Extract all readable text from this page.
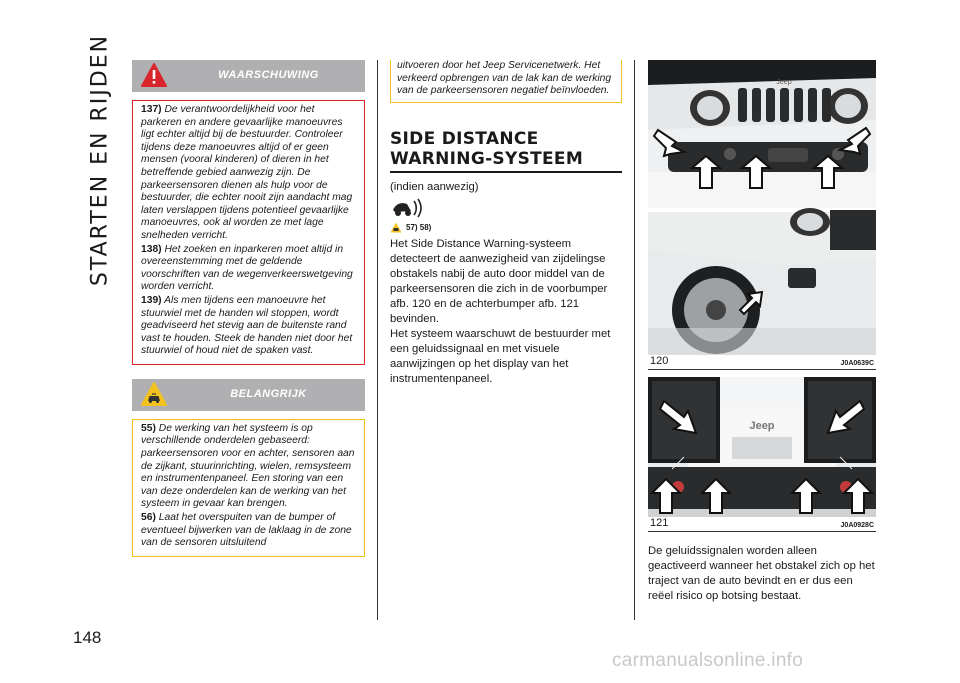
STARTEN EN RIJDEN
148
WAARSCHUWING

137) De verantwoordelijkheid voor het parkeren en andere gevaarlijke manoeuvres ligt echter altijd bij de bestuurder. Controleer tijdens deze manoeuvres altijd of er geen mensen (vooral kinderen) of dieren in het betreffende gebied aanwezig zijn. De parkeersensoren dienen als hulp voor de bestuurder, die echter nooit zijn aandacht mag laten verslappen tijdens potentieel gevaarlijke manoeuvres, ook al worden ze met lage snelheden verricht.

138) Het zoeken en inparkeren moet altijd in overeenstemming met de geldende voorschriften van de wegenverkeerswetgeving worden verricht.

139) Als men tijdens een manoeuvre het stuurwiel met de handen wil stoppen, wordt geadviseerd het stevig aan de buitenste rand vast te houden. Steek de handen niet door het stuurwiel of houd niet de spaken vast.

BELANGRIJK

55) De werking van het systeem is op verschillende onderdelen gebaseerd: parkeersensoren voor en achter, sensoren aan de zijkant, stuurinrichting, wielen, remsysteem en instrumentenpaneel. Een storing van een van deze onderdelen kan de werking van het systeem in gevaar kan brengen.

56) Laat het overspuiten van de bumper of eventueel bijwerken van de laklaag in de zone van de sensoren uitsluitend

uitvoeren door het Jeep Servicenetwerk. Het verkeerd opbrengen van de lak kan de werking van de parkeersensoren negatief beïnvloeden.

SIDE DISTANCE WARNING-SYSTEEM

(indien aanwezig)

57) 58)

Het Side Distance Warning-systeem detecteert de aanwezigheid van zijdelingse obstakels nabij de auto door middel van de parkeersensoren die zich in de voorbumper afb. 120 en de achterbumper afb. 121 bevinden.

Het systeem waarschuwt de bestuurder met een geluidssignaal en met visuele aanwijzingen op het display van het instrumentenpaneel.

Jeep
120	J0A0639C
Jeep
121	J0A0928C

De geluidssignalen worden alleen geactiveerd wanneer het obstakel zich op het traject van de auto bevindt en er dus een reëel risico op botsing bestaat.

carmanualsonline.info
